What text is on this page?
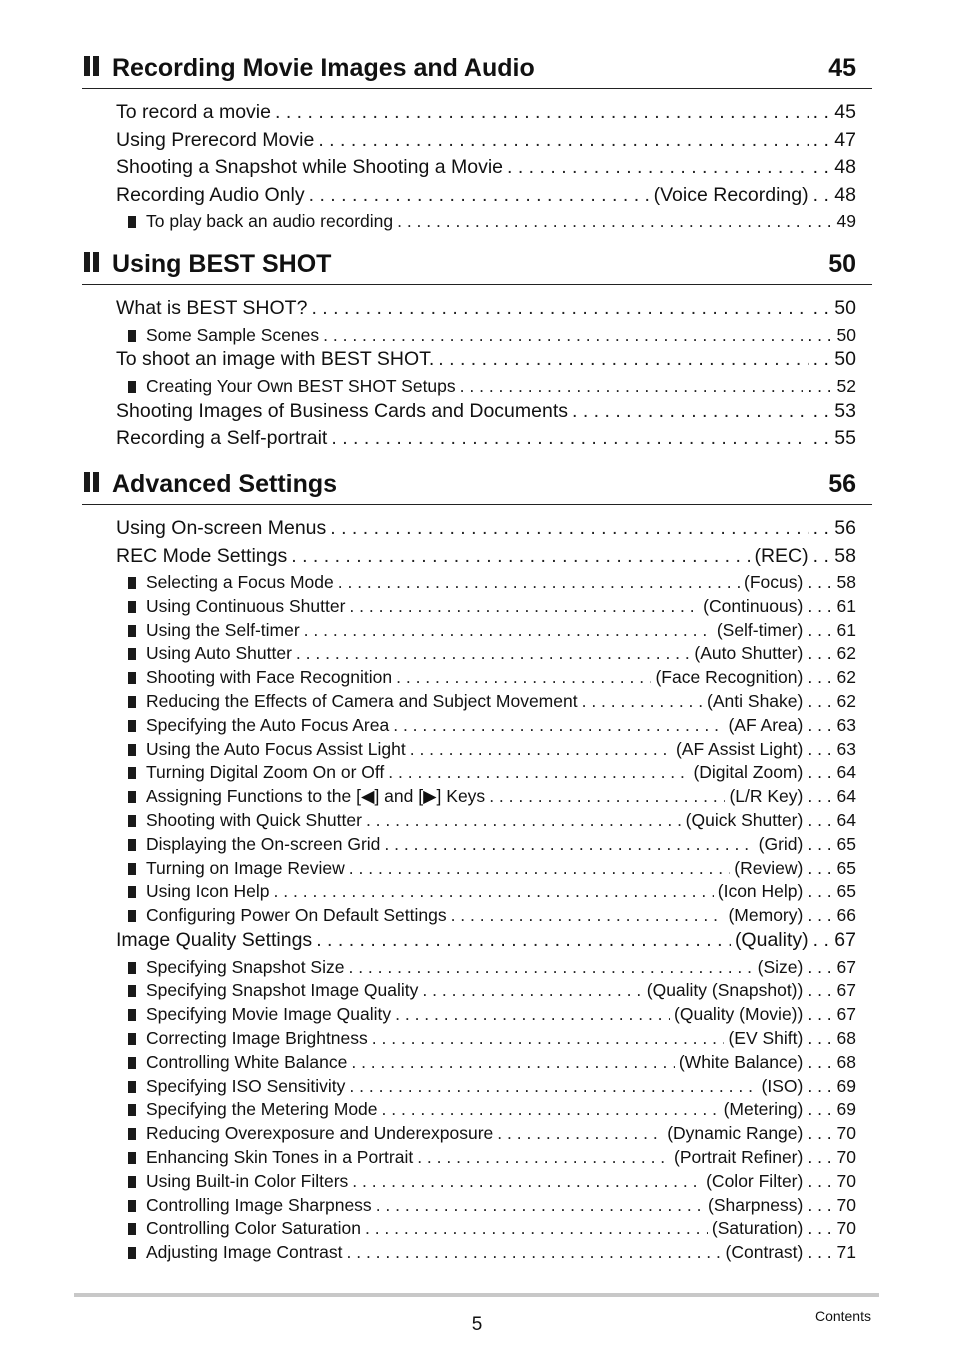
Recording Movie Images and Audio	45
To record a movie . . .	. . 45
Using Prerecord Movie . . .	. . 47
Shooting a Snapshot while Shooting a Movie . . .	. . 48
Recording Audio Only . . .	(Voice Recording)	. . 48
To play back an audio recording . . .	. . . 49
Using BEST SHOT	50
What is BEST SHOT? . . .	. . 50
Some Sample Scenes . . .	. . . 50
To shoot an image with BEST SHOT. . . .	. . 50
Creating Your Own BEST SHOT Setups . . .	. . . 52
Shooting Images of Business Cards and Documents . . .	. . 53
Recording a Self-portrait . . .	. . 55
Advanced Settings	56
Using On-screen Menus . . .	. . 56
REC Mode Settings . . .	(REC)	. . 58
Selecting a Focus Mode . . .	(Focus)	. . . 58
Using Continuous Shutter . . .	(Continuous)	. . . 61
Using the Self-timer . . .	(Self-timer)	. . . 61
Using Auto Shutter . . .	(Auto Shutter)	. . . 62
Shooting with Face Recognition . . .	(Face Recognition)	. . . 62
Reducing the Effects of Camera and Subject Movement . . .	(Anti Shake)	. . . 62
Specifying the Auto Focus Area . . .	(AF Area)	. . . 63
Using the Auto Focus Assist Light . . .	(AF Assist Light)	. . . 63
Turning Digital Zoom On or Off . . .	(Digital Zoom)	. . . 64
Assigning Functions to the [◀] and [▶] Keys . . .	(L/R Key)	. . . 64
Shooting with Quick Shutter . . .	(Quick Shutter)	. . . 64
Displaying the On-screen Grid . . .	(Grid)	. . . 65
Turning on Image Review . . .	(Review)	. . . 65
Using Icon Help . . .	(Icon Help)	. . . 65
Configuring Power On Default Settings . . .	(Memory)	. . . 66
Image Quality Settings . . .	(Quality)	. . 67
Specifying Snapshot Size . . .	(Size)	. . . 67
Specifying Snapshot Image Quality . . .	(Quality (Snapshot))	. . . 67
Specifying Movie Image Quality . . .	(Quality (Movie))	. . . 67
Correcting Image Brightness . . .	(EV Shift)	. . . 68
Controlling White Balance . . .	(White Balance)	. . . 68
Specifying ISO Sensitivity . . .	(ISO)	. . . 69
Specifying the Metering Mode . . .	(Metering)	. . . 69
Reducing Overexposure and Underexposure . . .	(Dynamic Range)	. . . 70
Enhancing Skin Tones in a Portrait . . .	(Portrait Refiner)	. . . 70
Using Built-in Color Filters . . .	(Color Filter)	. . . 70
Controlling Image Sharpness . . .	(Sharpness)	. . . 70
Controlling Color Saturation . . .	(Saturation)	. . . 70
Adjusting Image Contrast . . .	(Contrast)	. . . 71
5	Contents
